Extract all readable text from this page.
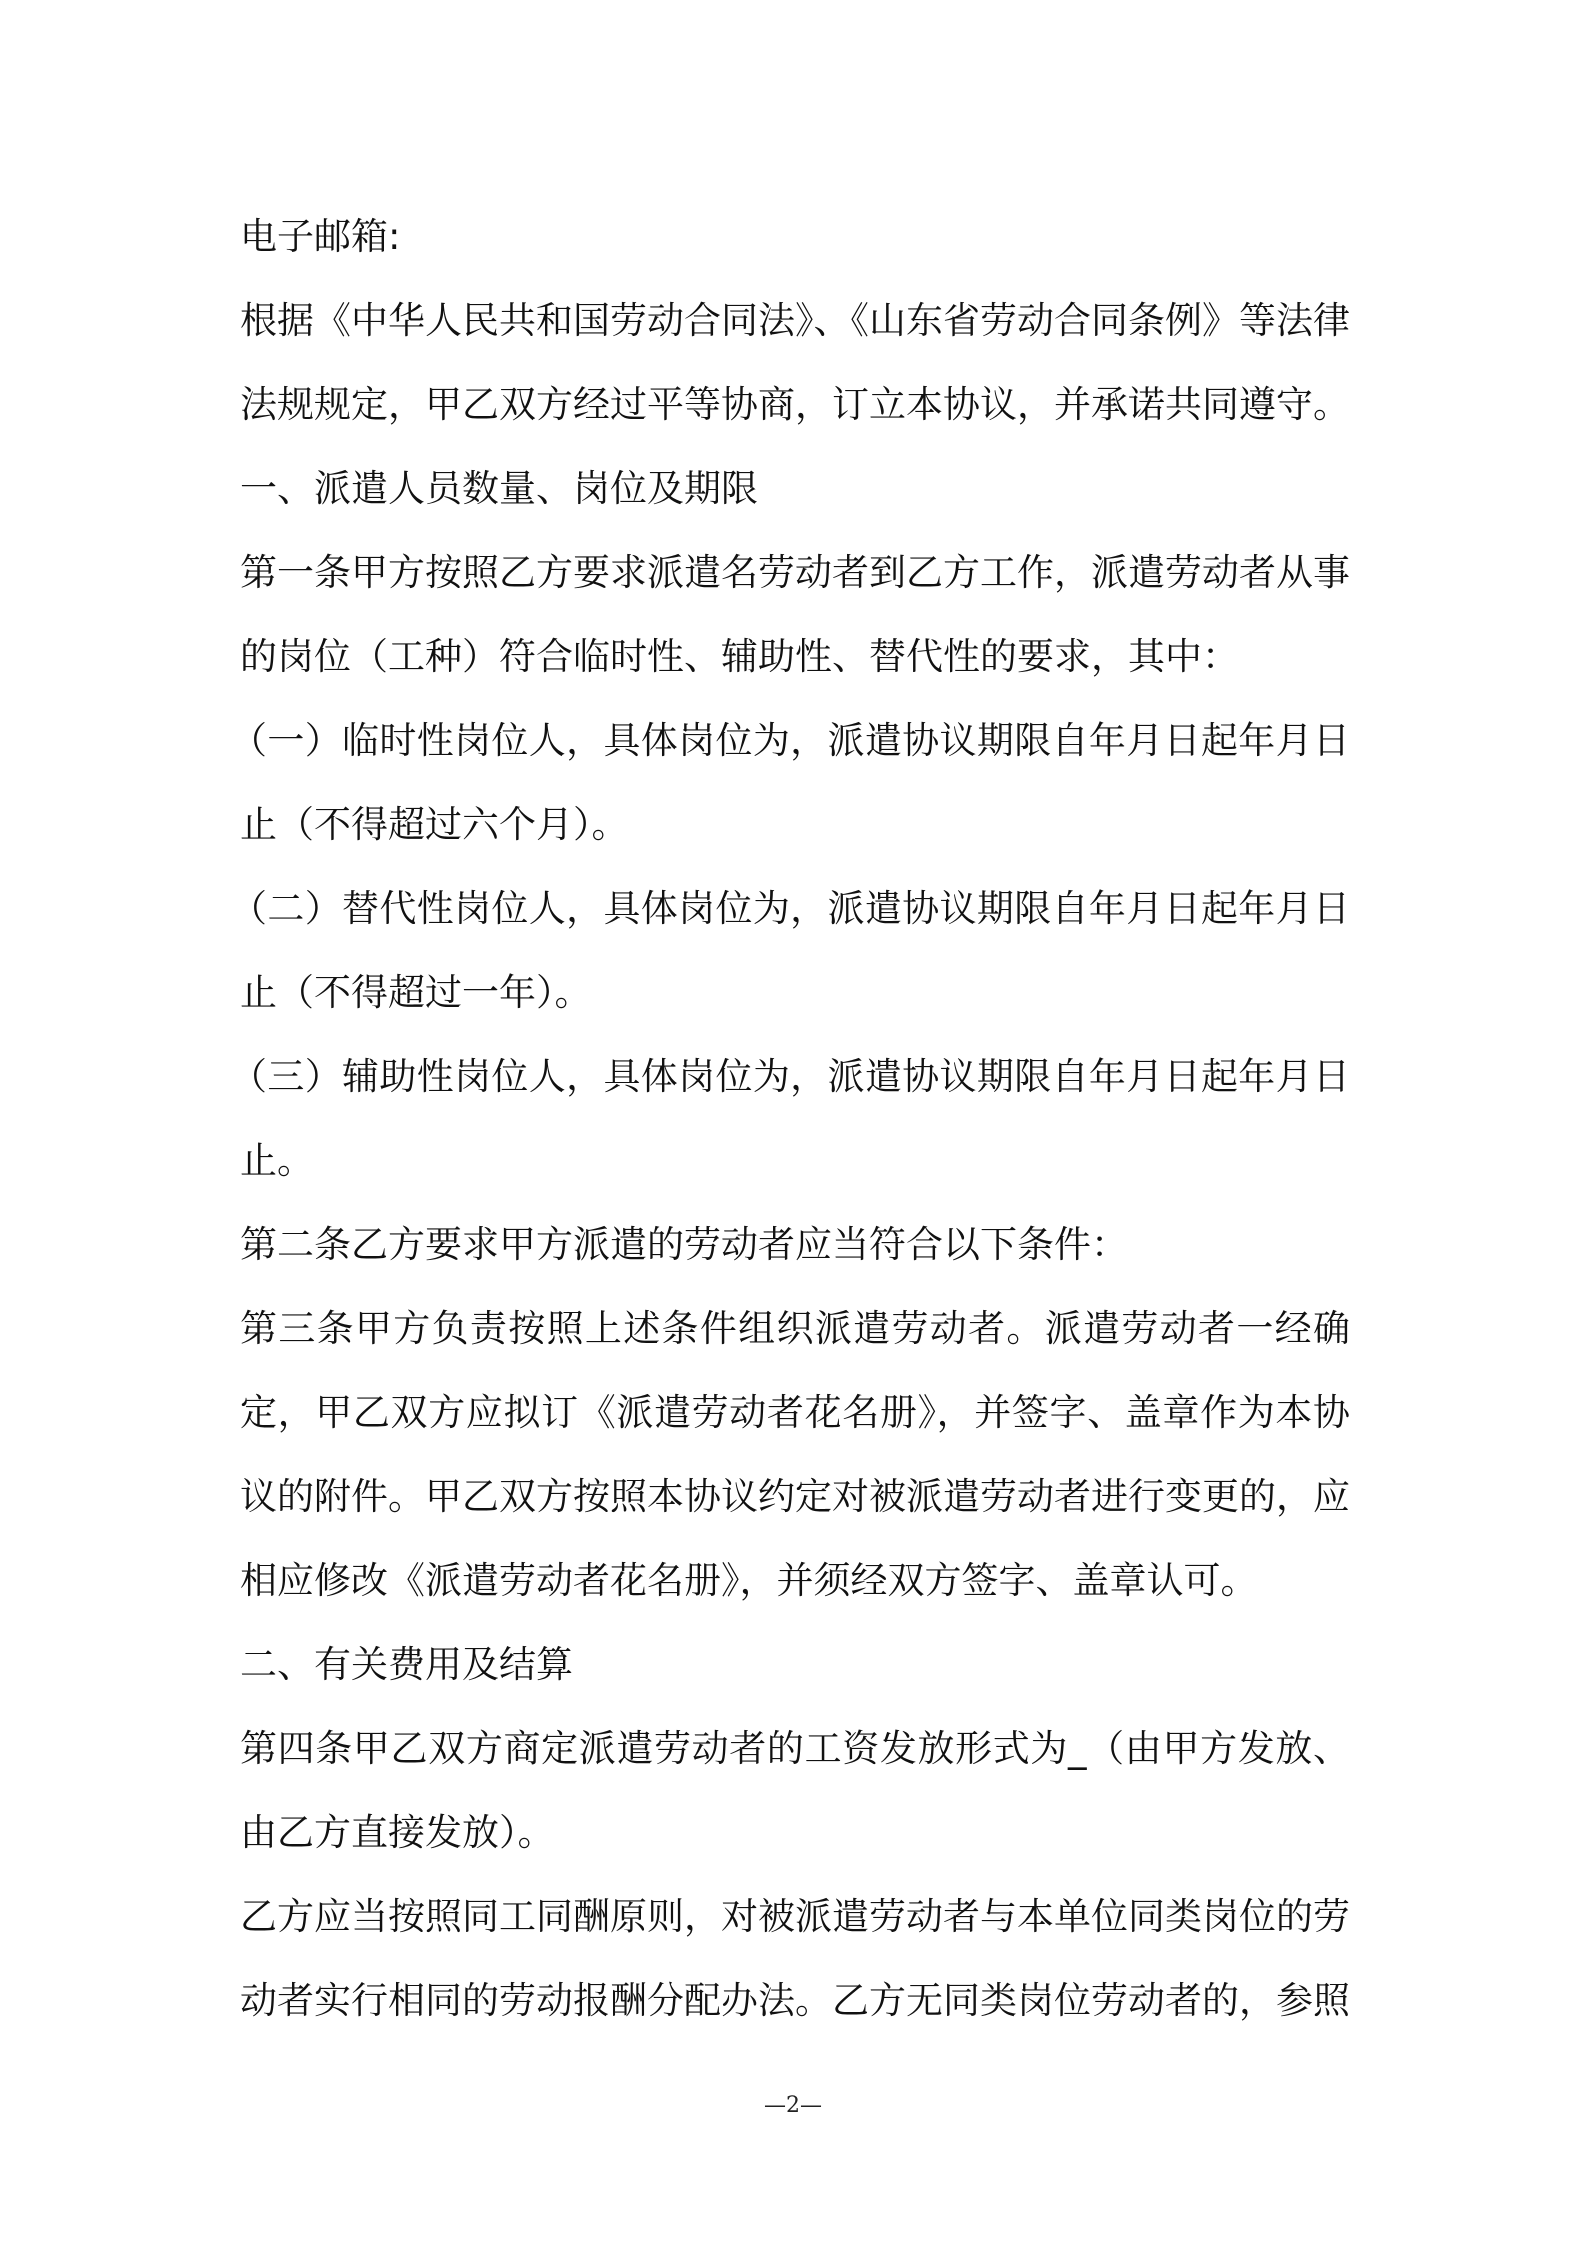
电子邮箱:
根据《中华人民共和国劳动合同法》、《山东省劳动合同条例》等法律
法规规定，甲乙双方经过平等协商，订立本协议，并承诺共同遵守。
一、派遣人员数量、岗位及期限
第一条甲方按照乙方要求派遣名劳动者到乙方工作，派遣劳动者从事
的岗位（工种）符合临时性、辅助性、替代性的要求，其中：
（一）临时性岗位人，具体岗位为，派遣协议期限自年月日起年月日
止（不得超过六个月）。
（二）替代性岗位人，具体岗位为，派遣协议期限自年月日起年月日
止（不得超过一年）。
（三）辅助性岗位人，具体岗位为，派遣协议期限自年月日起年月日
止。
第二条乙方要求甲方派遣的劳动者应当符合以下条件：
第三条甲方负责按照上述条件组织派遣劳动者。派遣劳动者一经确
定，甲乙双方应拟订《派遣劳动者花名册》，并签字、盖章作为本协
议的附件。甲乙双方按照本协议约定对被派遣劳动者进行变更的，应
相应修改《派遣劳动者花名册》，并须经双方签字、盖章认可。
二、有关费用及结算
第四条甲乙双方商定派遣劳动者的工资发放形式为_（由甲方发放、
由乙方直接发放）。
乙方应当按照同工同酬原则，对被派遣劳动者与本单位同类岗位的劳
动者实行相同的劳动报酬分配办法。乙方无同类岗位劳动者的，参照
—2—
